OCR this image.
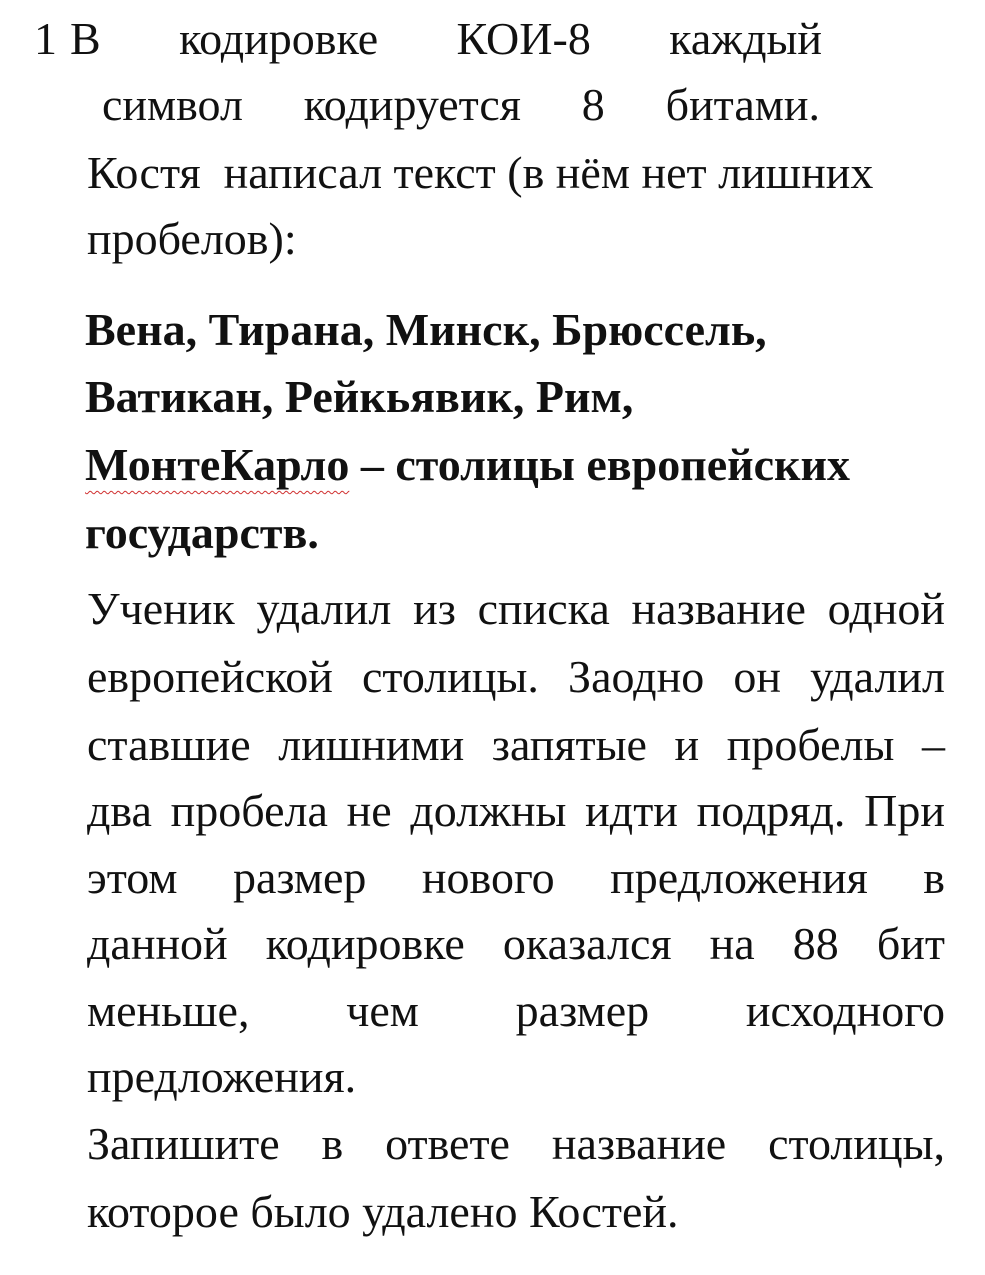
1 В кодировке КОИ-8 каждый
символ кодируется 8 битами.
Костя  написал текст (в нём нет лишних
пробелов):
Вена, Тирана, Минск, Брюссель,
Ватикан, Рейкьявик, Рим,
МонтеКарло – столицы европейских
государств.
Ученик удалил из списка название одной
европейской столицы. Заодно он удалил
ставшие лишними запятые и пробелы –
два пробела не должны идти подряд. При
этом размер нового предложения в
данной кодировке оказался на 88 бит
меньше, чем размер исходного
предложения.
Запишите в ответе название столицы,
которое было удалено Костей.
